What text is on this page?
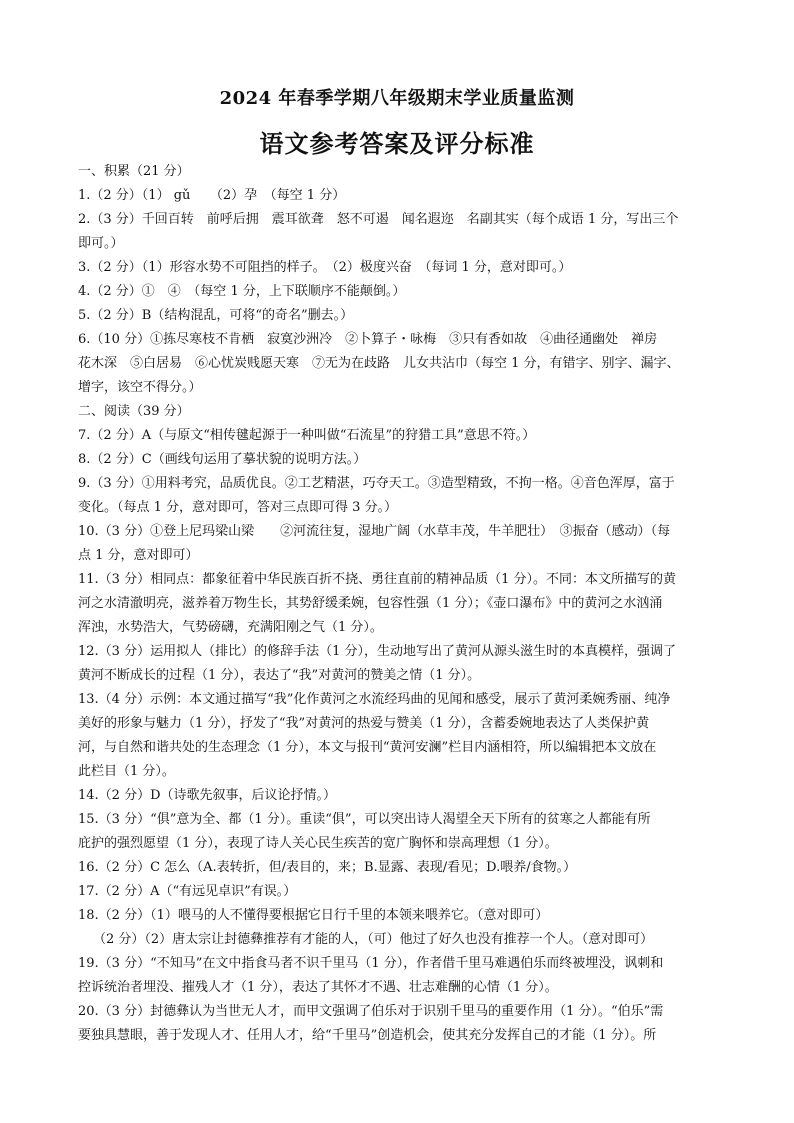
2024 年春季学期八年级期末学业质量监测
语文参考答案及评分标准
一、积累（21 分）
1.（2 分）（1） gǔ　　（2）孕　（每空 1 分）
2.（3 分）千回百转　前呼后拥　震耳欲聋　怒不可遏　闻名遐迩　名副其实（每个成语 1 分，写出三个
即可。）
3.（2 分）（1）形容水势不可阻挡的样子。　（2）极度兴奋　（每词 1 分，意对即可。）
4.（2 分）①　④　（每空 1 分，上下联顺序不能颠倒。）
5.（2 分）B（结构混乱，可将“的奇名”删去。）
6.（10 分）①拣尽寒枝不肯栖　寂寞沙洲冷　②卜算子・咏梅　③只有香如故　④曲径通幽处　禅房
花木深　⑤白居易　⑥心忧炭贱愿天寒　⑦无为在歧路　儿女共沾巾（每空 1 分，有错字、别字、漏字、
增字，该空不得分。）
二、阅读（39 分）
7.（2 分）A（与原文“相传毽起源于一种叫做“石流星”的狩猎工具”意思不符。）
8.（2 分）C（画线句运用了摹状貌的说明方法。）
9.（3 分）①用料考究，品质优良。②工艺精湛，巧夺天工。③造型精致，不拘一格。④音色浑厚，富于
变化。（每点 1 分，意对即可，答对三点即可得 3 分。）
10.（3 分）①登上尼玛梁山梁　　②河流往复，湿地广阔（水草丰茂，牛羊肥壮）　③振奋（感动）（每
点 1 分，意对即可）
11.（3 分）相同点：都象征着中华民族百折不挠、勇往直前的精神品质（1 分）。不同：本文所描写的黄
河之水清澈明亮，滋养着万物生长，其势舒缓柔婉，包容性强（1 分）；《壶口瀑布》中的黄河之水汹涌
浑浊，水势浩大，气势磅礴，充满阳刚之气（1 分）。
12.（3 分）运用拟人（排比）的修辞手法（1 分），生动地写出了黄河从源头滋生时的本真模样，强调了
黄河不断成长的过程（1 分），表达了“我”对黄河的赞美之情（1 分）。
13.（4 分）示例：本文通过描写“我”化作黄河之水流经玛曲的见闻和感受，展示了黄河柔婉秀丽、纯净
美好的形象与魅力（1 分），抒发了“我”对黄河的热爱与赞美（1 分），含蓄委婉地表达了人类保护黄
河，与自然和谐共处的生态理念（1 分），本文与报刊“黄河安澜”栏目内涵相符，所以编辑把本文放在
此栏目（1 分）。
14.（2 分）D（诗歌先叙事，后议论抒情。）
15.（3 分）“俱”意为全、都（1 分）。重读“俱”，可以突出诗人渴望全天下所有的贫寒之人都能有所
庇护的强烈愿望（1 分），表现了诗人关心民生疾苦的宽广胸怀和崇高理想（1 分）。
16.（2 分）C 怎么（A.表转折，但/表目的，来；B.显露、表现/看见；D.喂养/食物。）
17.（2 分）A（“有远见卓识”有误。）
18.（2 分）（1）喂马的人不懂得要根据它日行千里的本领来喂养它。（意对即可）
（2 分）（2）唐太宗让封德彝推荐有才能的人，（可）他过了好久也没有推荐一个人。（意对即可）
19.（3 分）“不知马”在文中指食马者不识千里马（1 分），作者借千里马难遇伯乐而终被埋没，讽刺和
控诉统治者埋没、摧残人才（1 分），表达了其怀才不遇、壮志难酬的心情（1 分）。
20.（3 分）封德彝认为当世无人才，而甲文强调了伯乐对于识别千里马的重要作用（1 分）。“伯乐”需
要独具慧眼，善于发现人才、任用人才，给“千里马”创造机会，使其充分发挥自己的才能（1 分）。所
